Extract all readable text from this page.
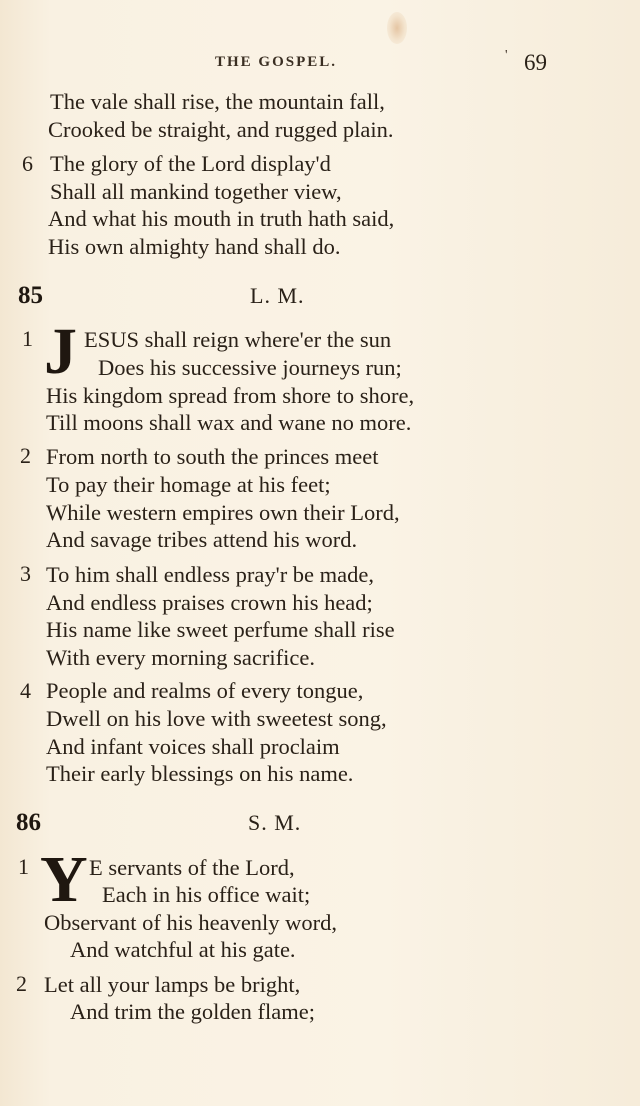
THE GOSPEL.	' 69
The vale shall rise, the mountain fall,
Crooked be straight, and rugged plain.
6 The glory of the Lord display'd
Shall all mankind together view,
And what his mouth in truth hath said,
His own almighty hand shall do.
85	L. M.
1 J ESUS shall reign where'er the sun
Does his successive journeys run;
His kingdom spread from shore to shore,
Till moons shall wax and wane no more.
2 From north to south the princes meet
To pay their homage at his feet;
While western empires own their Lord,
And savage tribes attend his word.
3 To him shall endless pray'r be made,
And endless praises crown his head;
His name like sweet perfume shall rise
With every morning sacrifice.
4 People and realms of every tongue,
Dwell on his love with sweetest song,
And infant voices shall proclaim
Their early blessings on his name.
86	S. M.
1 Y E servants of the Lord,
Each in his office wait;
Observant of his heavenly word,
And watchful at his gate.
2 Let all your lamps be bright,
And trim the golden flame;
